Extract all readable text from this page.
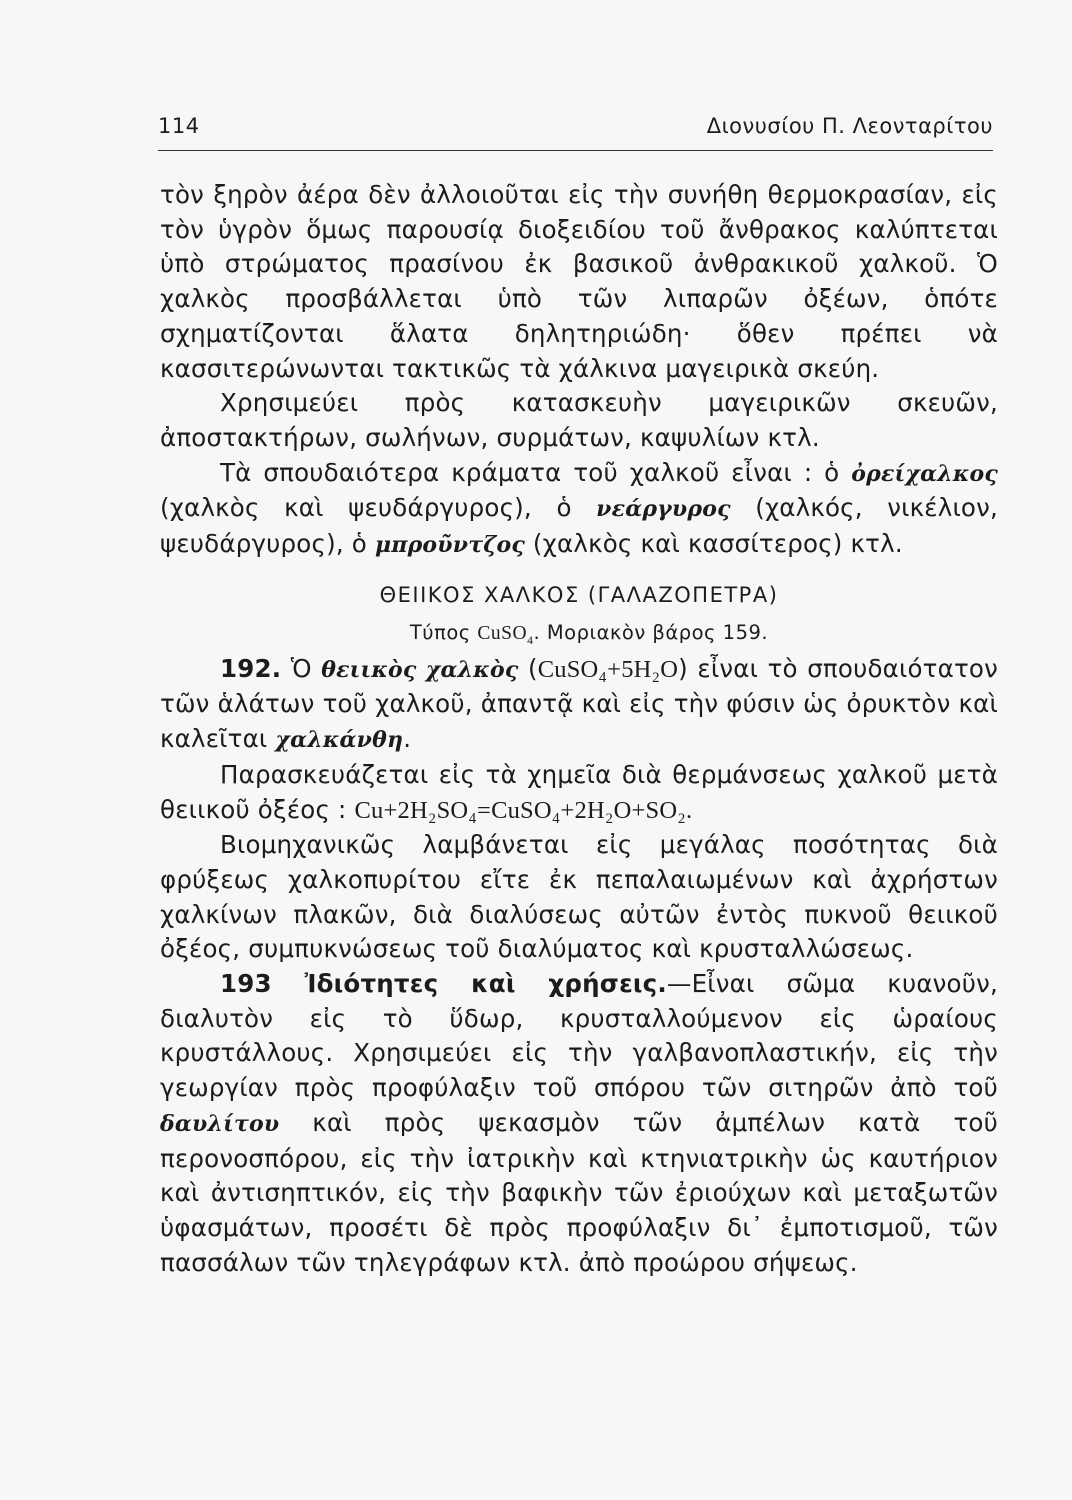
114	Διονυσίου Π. Λεονταρίτου

τὸν ξηρὸν ἀέρα δὲν ἀλλοιοῦται εἰς τὴν συνήθη θερμοκρασίαν, εἰς τὸν ὑγρὸν ὅμως παρουσίᾳ διοξειδίου τοῦ ἄνθρακος καλύπτεται ὑπὸ στρώματος πρασίνου ἐκ βασικοῦ ἀνθρακικοῦ χαλκοῦ. Ὁ χαλκὸς προσβάλλεται ὑπὸ τῶν λιπαρῶν ὀξέων, ὁπότε σχηματίζονται ἅλατα δηλητηριώδη· ὅθεν πρέπει νὰ κασσιτερώνωνται τακτικῶς τὰ χάλκινα μαγειρικὰ σκεύη.

Χρησιμεύει πρὸς κατασκευὴν μαγειρικῶν σκευῶν, ἀποστακτήρων, σωλήνων, συρμάτων, καψυλίων κτλ.

Τὰ σπουδαιότερα κράματα τοῦ χαλκοῦ εἶναι : ὁ ὀρείχαλκος (χαλκὸς καὶ ψευδάργυρος), ὁ νεάργυρος (χαλκός, νικέλιον, ψευδάργυρος), ὁ μπροῦντζος (χαλκὸς καὶ κασσίτερος) κτλ.

ΘΕΙΙΚΟΣ ΧΑΛΚΟΣ (ΓΑΛΑΖΟΠΕΤΡΑ)
Τύπος CuSO$_4$. Μοριακὸν βάρος 159.

192. Ὁ θειικὸς χαλκὸς (CuSO₄+5H₂O) εἶναι τὸ σπουδαιότατον τῶν ἁλάτων τοῦ χαλκοῦ, ἀπαντᾷ καὶ εἰς τὴν φύσιν ὡς ὀρυκτὸν καὶ καλεῖται χαλκάνθη.

Παρασκευάζεται εἰς τὰ χημεῖα διὰ θερμάνσεως χαλκοῦ μετὰ θειικοῦ ὀξέος : Cu+2H₂SO₄=CuSO₄+2H₂O+SO₂.

Βιομηχανικῶς λαμβάνεται εἰς μεγάλας ποσότητας διὰ φρύξεως χαλκοπυρίτου εἴτε ἐκ πεπαλαιωμένων καὶ ἀχρήστων χαλκίνων πλακῶν, διὰ διαλύσεως αὐτῶν ἐντὸς πυκνοῦ θειικοῦ ὀξέος, συμπυκνώσεως τοῦ διαλύματος καὶ κρυσταλλώσεως.

193 Ἰδιότητες καὶ χρήσεις.—Εἶναι σῶμα κυανοῦν, διαλυτὸν εἰς τὸ ὕδωρ, κρυσταλλούμενον εἰς ὡραίους κρυστάλλους. Χρησιμεύει εἰς τὴν γαλβανοπλαστικήν, εἰς τὴν γεωργίαν πρὸς προφύλαξιν τοῦ σπόρου τῶν σιτηρῶν ἀπὸ τοῦ δαυλίτου καὶ πρὸς ψεκασμὸν τῶν ἀμπέλων κατὰ τοῦ περονοσπόρου, εἰς τὴν ἰατρικὴν καὶ κτηνιατρικὴν ὡς καυτήριον καὶ ἀντισηπτικόν, εἰς τὴν βαφικὴν τῶν ἐριούχων καὶ μεταξωτῶν ὑφασμάτων, προσέτι δὲ πρὸς προφύλαξιν δι᾽ ἐμποτισμοῦ, τῶν πασσάλων τῶν τηλεγράφων κτλ. ἀπὸ προώρου σήψεως.
